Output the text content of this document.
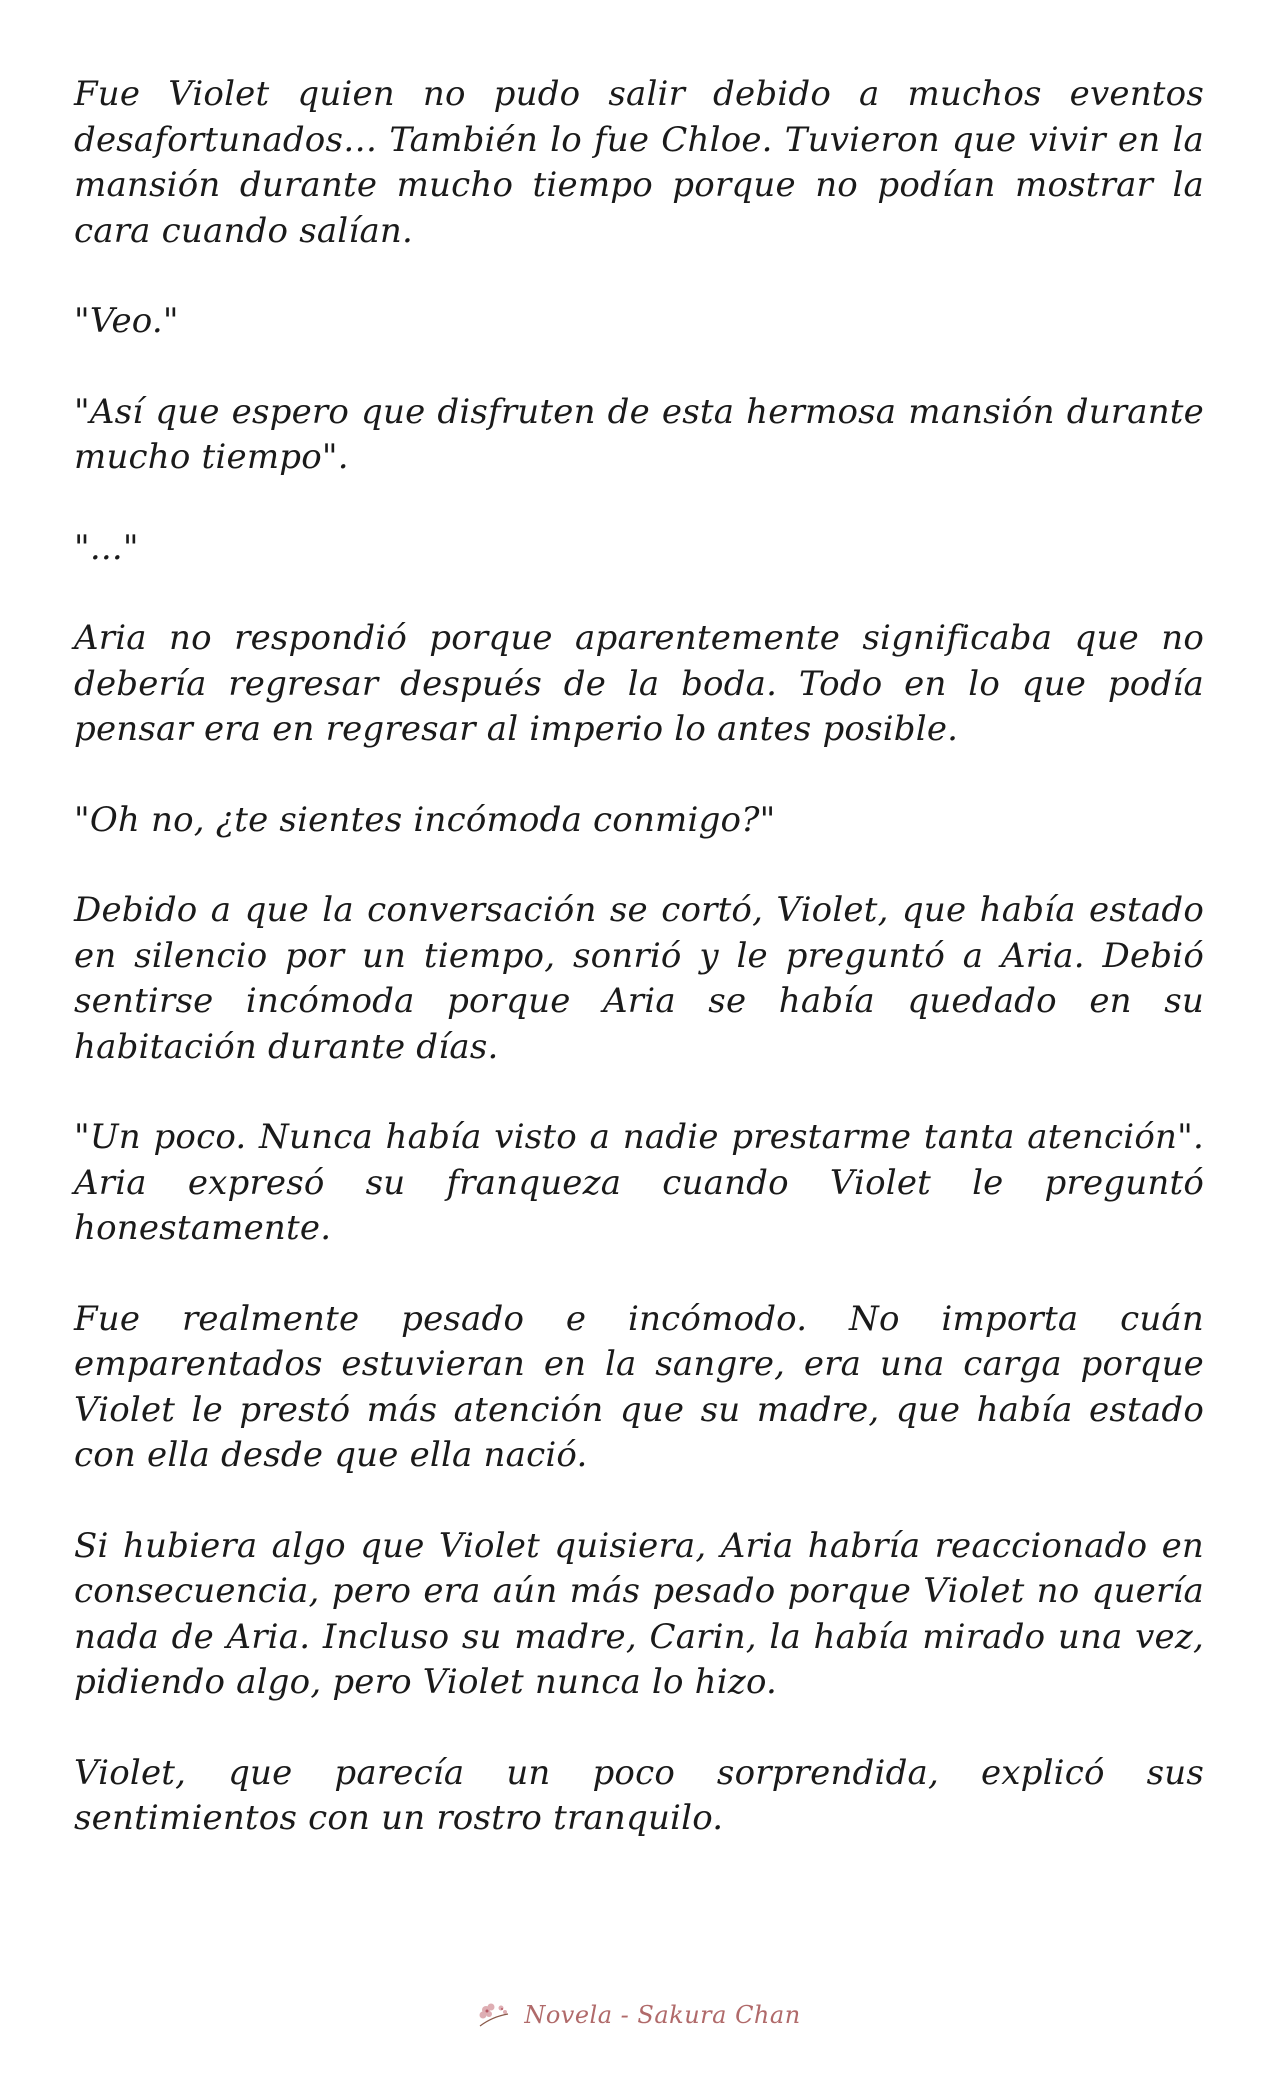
Fue Violet quien no pudo salir debido a muchos eventos desafortunados… También lo fue Chloe. Tuvieron que vivir en la mansión durante mucho tiempo porque no podían mostrar la cara cuando salían.

"Veo."

"Así que espero que disfruten de esta hermosa mansión durante mucho tiempo".

"..."

Aria no respondió porque aparentemente significaba que no debería regresar después de la boda. Todo en lo que podía pensar era en regresar al imperio lo antes posible.

"Oh no, ¿te sientes incómoda conmigo?"

Debido a que la conversación se cortó, Violet, que había estado en silencio por un tiempo, sonrió y le preguntó a Aria. Debió sentirse incómoda porque Aria se había quedado en su habitación durante días.

"Un poco. Nunca había visto a nadie prestarme tanta atención". Aria expresó su franqueza cuando Violet le preguntó honestamente.

Fue realmente pesado e incómodo. No importa cuán emparentados estuvieran en la sangre, era una carga porque Violet le prestó más atención que su madre, que había estado con ella desde que ella nació.

Si hubiera algo que Violet quisiera, Aria habría reaccionado en consecuencia, pero era aún más pesado porque Violet no quería nada de Aria. Incluso su madre, Carin, la había mirado una vez, pidiendo algo, pero Violet nunca lo hizo.

Violet, que parecía un poco sorprendida, explicó sus sentimientos con un rostro tranquilo.

Novela - Sakura Chan
